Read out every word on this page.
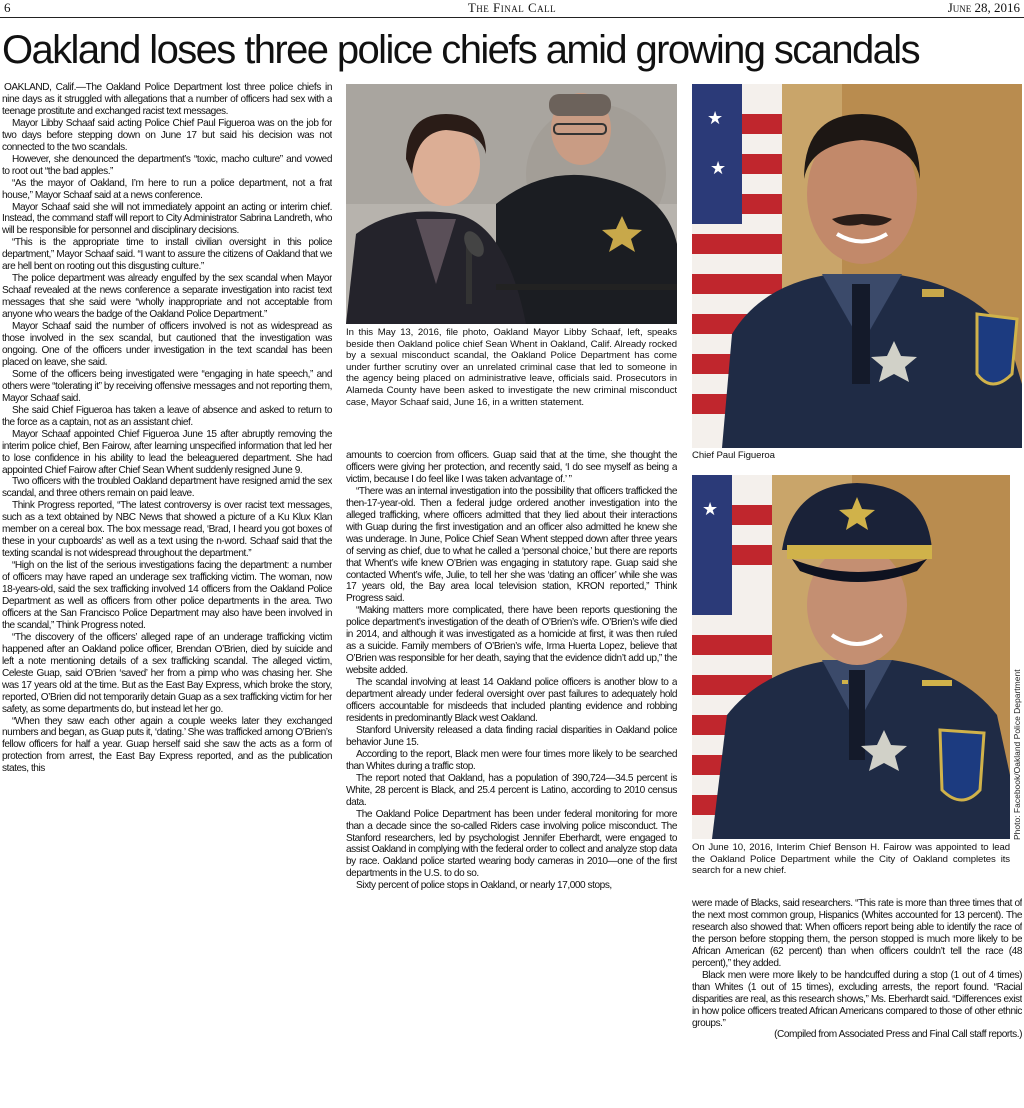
6	The Final Call	June 28, 2016
Oakland loses three police chiefs amid growing scandals

OAKLAND, Calif.—The Oakland Police Department lost three police chiefs in nine days as it struggled with allegations that a number of officers had sex with a teenage prostitute and exchanged racist text messages.

Mayor Libby Schaaf said acting Police Chief Paul Figueroa was on the job for two days before stepping down on June 17 but said his decision was not connected to the two scandals.

However, she denounced the department’s “toxic, macho culture” and vowed to root out “the bad apples.”

“As the mayor of Oakland, I’m here to run a police department, not a frat house,” Mayor Schaaf said at a news conference.

Mayor Schaaf said she will not immediately appoint an acting or interim chief. Instead, the command staff will report to City Administrator Sabrina Landreth, who will be responsible for personnel and disciplinary decisions.

“This is the appropriate time to install civilian oversight in this police department,” Mayor Schaaf said. “I want to assure the citizens of Oakland that we are hell bent on rooting out this disgusting culture.”

The police department was already engulfed by the sex scandal when Mayor Schaaf revealed at the news conference a separate investigation into racist text messages that she said were “wholly inappropriate and not acceptable from anyone who wears the badge of the Oakland Police Department.”

Mayor Schaaf said the number of officers involved is not as widespread as those involved in the sex scandal, but cautioned that the investigation was ongoing. One of the officers under investigation in the text scandal has been placed on leave, she said.

Some of the officers being investigated were “engaging in hate speech,” and others were “tolerating it” by receiving offensive messages and not reporting them, Mayor Schaaf said.

She said Chief Figueroa has taken a leave of absence and asked to return to the force as a captain, not as an assistant chief.

Mayor Schaaf appointed Chief Figueroa June 15 after abruptly removing the interim police chief, Ben Fairow, after learning unspecified information that led her to lose confidence in his ability to lead the beleaguered department. She had appointed Chief Fairow after Chief Sean Whent suddenly resigned June 9.

Two officers with the troubled Oakland department have resigned amid the sex scandal, and three others remain on paid leave.

Think Progress reported, “The latest controversy is over racist text messages, such as a text obtained by NBC News that showed a picture of a Ku Klux Klan member on a cereal box. The box message read, ‘Brad, I heard you got boxes of these in your cupboards’ as well as a text using the n-word. Schaaf said that the texting scandal is not widespread throughout the department.”

“High on the list of the serious investigations facing the department: a number of officers may have raped an underage sex trafficking victim. The woman, now 18-years-old, said the sex trafficking involved 14 officers from the Oakland Police Department as well as officers from other police departments in the area. Two officers at the San Francisco Police Department may also have been involved in the scandal,” Think Progress noted.

“The discovery of the officers’ alleged rape of an underage trafficking victim happened after an Oakland police officer, Brendan O’Brien, died by suicide and left a note mentioning details of a sex trafficking scandal. The alleged victim, Celeste Guap, said O’Brien ‘saved’ her from a pimp who was chasing her. She was 17 years old at the time. But as the East Bay Express, which broke the story, reported, O’Brien did not temporarily detain Guap as a sex trafficking victim for her safety, as some departments do, but instead let her go.

“When they saw each other again a couple weeks later they exchanged numbers and began, as Guap puts it, ‘dating.’ She was trafficked among O’Brien’s fellow officers for half a year. Guap herself said she saw the acts as a form of protection from arrest, the East Bay Express reported, and as the publication states, this

In this May 13, 2016, file photo, Oakland Mayor Libby Schaaf, left, speaks beside then Oakland police chief Sean Whent in Oakland, Calif. Already rocked by a sexual misconduct scandal, the Oakland Police Department has come under further scrutiny over an unrelated criminal case that led to someone in the agency being placed on administrative leave, officials said. Prosecutors in Alameda County have been asked to investigate the new criminal misconduct case, Mayor Schaaf said, June 16, in a written statement.
★
★
Chief Paul Figueroa

amounts to coercion from officers. Guap said that at the time, she thought the officers were giving her protection, and recently said, ‘I do see myself as being a victim, because I do feel like I was taken advantage of.’ ”

“There was an internal investigation into the possibility that officers trafficked the then-17-year-old. Then a federal judge ordered another investigation into the alleged trafficking, where officers admitted that they lied about their interactions with Guap during the first investigation and an officer also admitted he knew she was underage. In June, Police Chief Sean Whent stepped down after three years of serving as chief, due to what he called a ‘personal choice,’ but there are reports that Whent’s wife knew O’Brien was engaging in statutory rape. Guap said she contacted Whent’s wife, Julie, to tell her she was ‘dating an officer’ while she was 17 years old, the Bay area local television station, KRON reported,” Think Progress said.

“Making matters more complicated, there have been reports questioning the police department’s investigation of the death of O’Brien’s wife. O’Brien’s wife died in 2014, and although it was investigated as a homicide at first, it was then ruled as a suicide. Family members of O’Brien’s wife, Irma Huerta Lopez, believe that O’Brien was responsible for her death, saying that the evidence didn’t add up,” the website added.

The scandal involving at least 14 Oakland police officers is another blow to a department already under federal oversight over past failures to adequately hold officers accountable for misdeeds that included planting evidence and robbing residents in predominantly Black west Oakland.

Stanford University released a data finding racial disparities in Oakland police behavior June 15.

According to the report, Black men were four times more likely to be searched than Whites during a traffic stop.

The report noted that Oakland, has a population of 390,724—34.5 percent is White, 28 percent is Black, and 25.4 percent is Latino, according to 2010 census data.

The Oakland Police Department has been under federal monitoring for more than a decade since the so-called Riders case involving police misconduct. The Stanford researchers, led by psychologist Jennifer Eberhardt, were engaged to assist Oakland in complying with the federal order to collect and analyze stop data by race. Oakland police started wearing body cameras in 2010—one of the first departments in the U.S. to do so.

Sixty percent of police stops in Oakland, or nearly 17,000 stops,

★
Photo: Facebook/Oakland Police Department
On June 10, 2016, Interim Chief Benson H. Fairow was appointed to lead the Oakland Police Department while the City of Oakland completes its search for a new chief.

were made of Blacks, said researchers. “This rate is more than three times that of the next most common group, Hispanics (Whites accounted for 13 percent). The research also showed that: When officers report being able to identify the race of the person before stopping them, the person stopped is much more likely to be African American (62 percent) than when officers couldn’t tell the race (48 percent),” they added.

Black men were more likely to be handcuffed during a stop (1 out of 4 times) than Whites (1 out of 15 times), excluding arrests, the report found. “Racial disparities are real, as this research shows,” Ms. Eberhardt said. “Differences exist in how police officers treated African Americans compared to those of other ethnic groups.”

(Compiled from Associated Press and Final Call staff reports.)
